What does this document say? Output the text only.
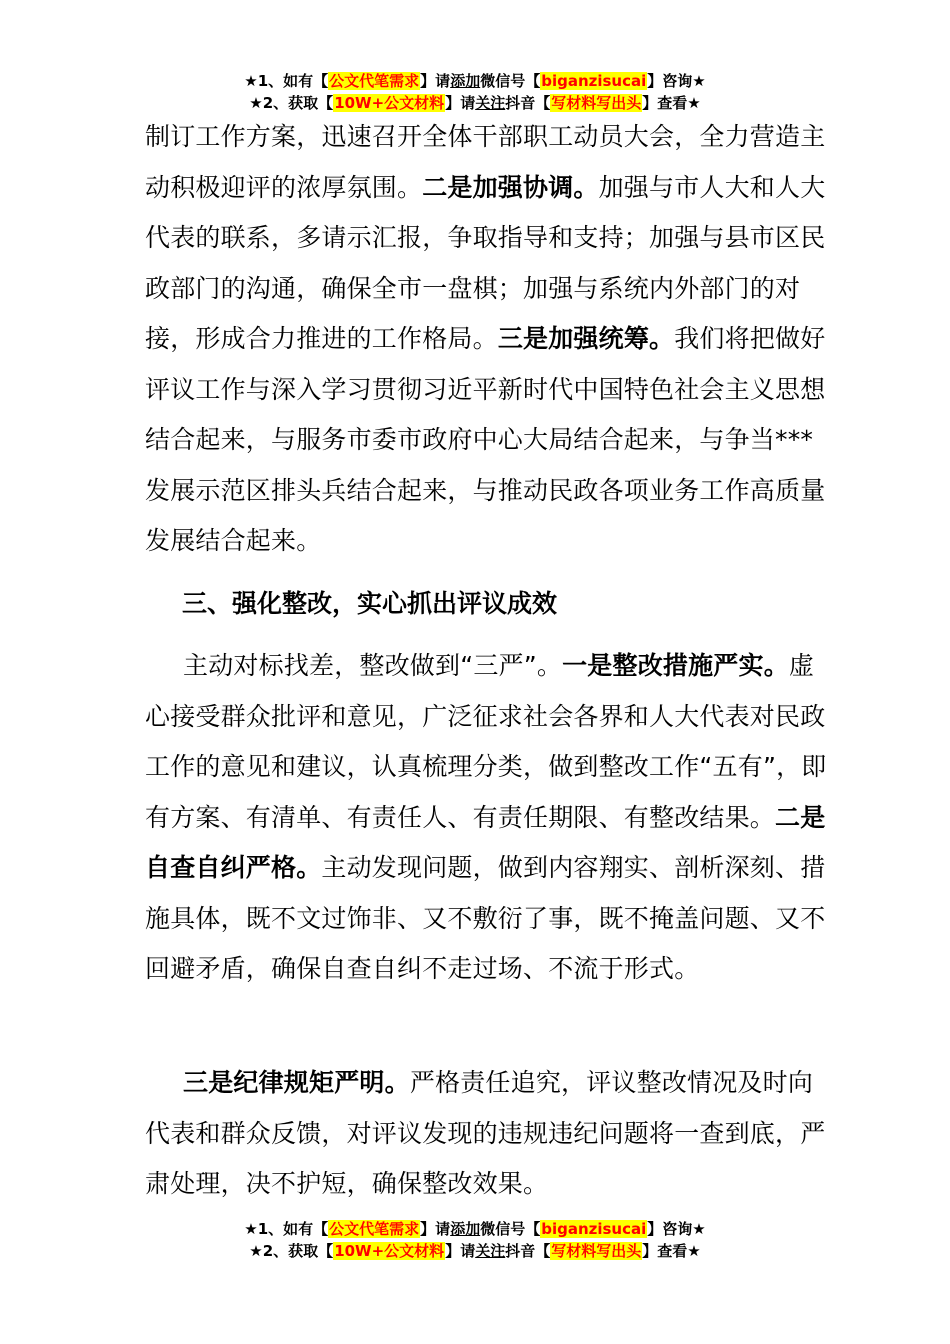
★1、如有【公文代笔需求】请添加微信号【biganzisucai】咨询★
★2、获取【10W+公文材料】请关注抖音【写材料写出头】查看★

制订工作方案，迅速召开全体干部职工动员大会，全力营造主动积极迎评的浓厚氛围。二是加强协调。加强与市人大和人大代表的联系，多请示汇报，争取指导和支持；加强与县市区民政部门的沟通，确保全市一盘棋；加强与系统内外部门的对接，形成合力推进的工作格局。三是加强统筹。我们将把做好评议工作与深入学习贯彻习近平新时代中国特色社会主义思想结合起来，与服务市委市政府中心大局结合起来，与争当***发展示范区排头兵结合起来，与推动民政各项业务工作高质量发展结合起来。

三、强化整改，实心抓出评议成效

主动对标找差，整改做到“三严”。一是整改措施严实。虚心接受群众批评和意见，广泛征求社会各界和人大代表对民政工作的意见和建议，认真梳理分类，做到整改工作“五有”，即有方案、有清单、有责任人、有责任期限、有整改结果。二是自查自纠严格。主动发现问题，做到内容翔实、剖析深刻、措施具体，既不文过饰非、又不敷衍了事，既不掩盖问题、又不回避矛盾，确保自查自纠不走过场、不流于形式。

三是纪律规矩严明。严格责任追究，评议整改情况及时向代表和群众反馈，对评议发现的违规违纪问题将一查到底，严肃处理，决不护短，确保整改效果。

★1、如有【公文代笔需求】请添加微信号【biganzisucai】咨询★
★2、获取【10W+公文材料】请关注抖音【写材料写出头】查看★
